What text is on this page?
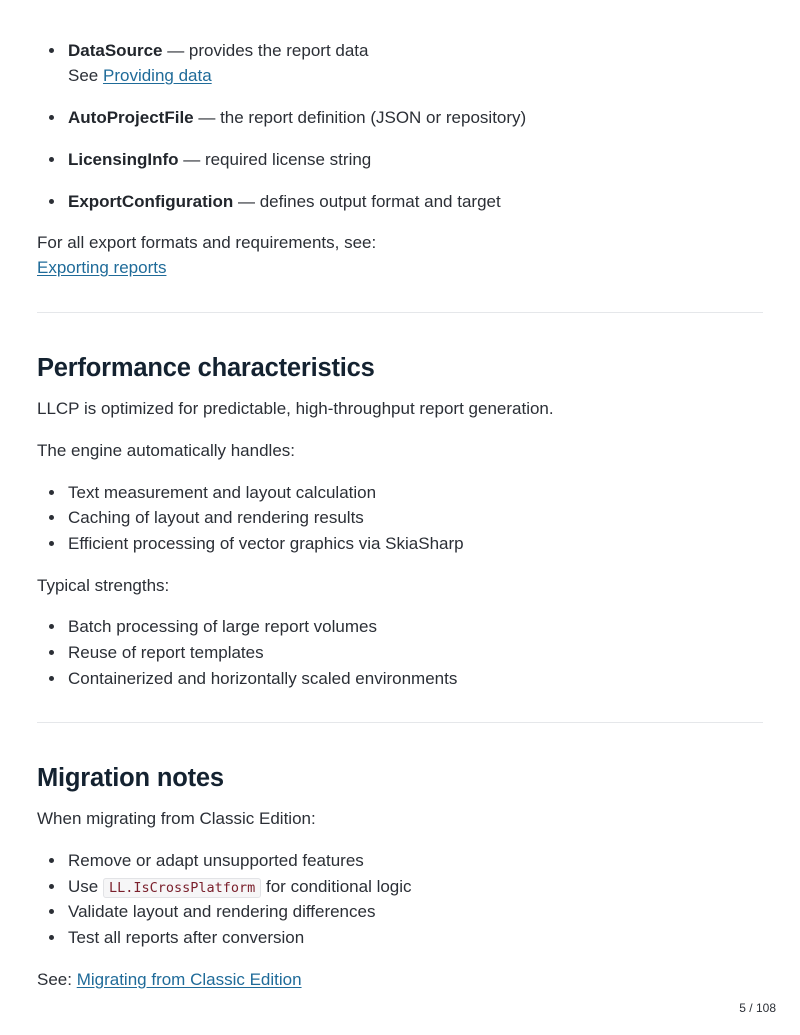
DataSource — provides the report data
See Providing data
AutoProjectFile — the report definition (JSON or repository)
LicensingInfo — required license string
ExportConfiguration — defines output format and target
For all export formats and requirements, see:
Exporting reports
Performance characteristics
LLCP is optimized for predictable, high-throughput report generation.
The engine automatically handles:
Text measurement and layout calculation
Caching of layout and rendering results
Efficient processing of vector graphics via SkiaSharp
Typical strengths:
Batch processing of large report volumes
Reuse of report templates
Containerized and horizontally scaled environments
Migration notes
When migrating from Classic Edition:
Remove or adapt unsupported features
Use LL.IsCrossPlatform for conditional logic
Validate layout and rendering differences
Test all reports after conversion
See: Migrating from Classic Edition
5 / 108
